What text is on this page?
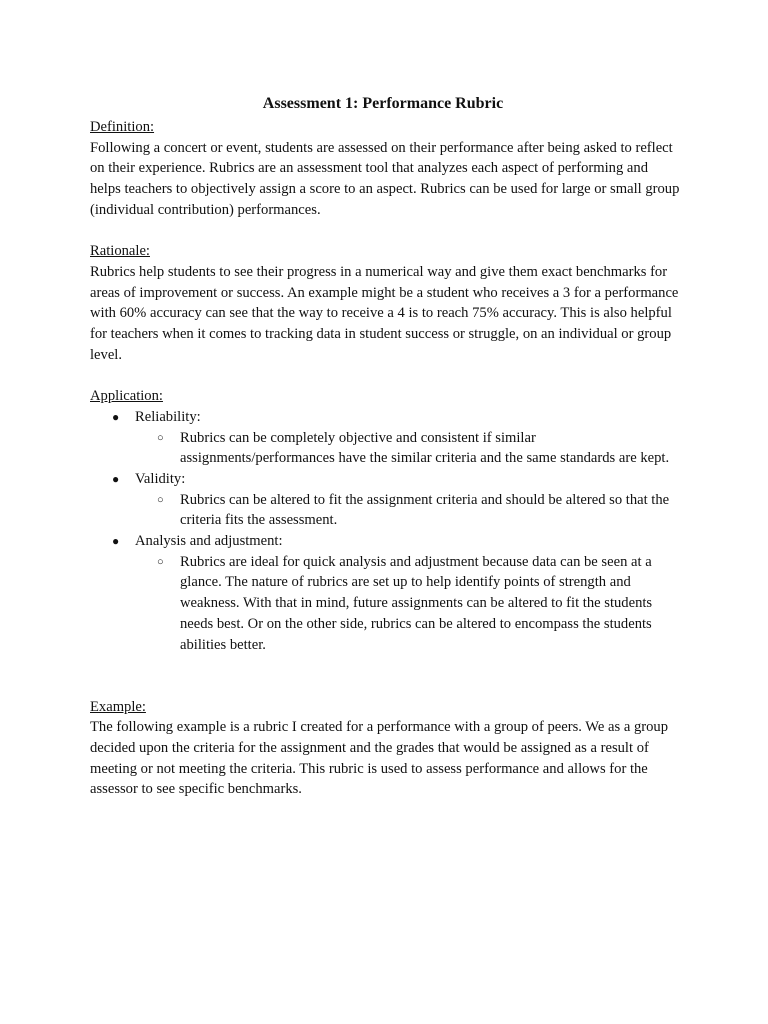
Assessment 1: Performance Rubric
Definition:
Following a concert or event, students are assessed on their performance after being asked to reflect on their experience. Rubrics are an assessment tool that analyzes each aspect of performing and helps teachers to objectively assign a score to an aspect. Rubrics can be used for large or small group (individual contribution) performances.
Rationale:
Rubrics help students to see their progress in a numerical way and give them exact benchmarks for areas of improvement or success. An example might be a student who receives a 3 for a performance with 60% accuracy can see that the way to receive a 4 is to reach 75% accuracy. This is also helpful for teachers when it comes to tracking data in student success or struggle, on an individual or group level.
Application:
● Reliability:
○ Rubrics can be completely objective and consistent if similar assignments/performances have the similar criteria and the same standards are kept.
● Validity:
○ Rubrics can be altered to fit the assignment criteria and should be altered so that the criteria fits the assessment.
● Analysis and adjustment:
○ Rubrics are ideal for quick analysis and adjustment because data can be seen at a glance. The nature of rubrics are set up to help identify points of strength and weakness. With that in mind, future assignments can be altered to fit the students needs best. Or on the other side, rubrics can be altered to encompass the students abilities better.
Example:
The following example is a rubric I created for a performance with a group of peers. We as a group decided upon the criteria for the assignment and the grades that would be assigned as a result of meeting or not meeting the criteria. This rubric is used to assess performance and allows for the assessor to see specific benchmarks.
